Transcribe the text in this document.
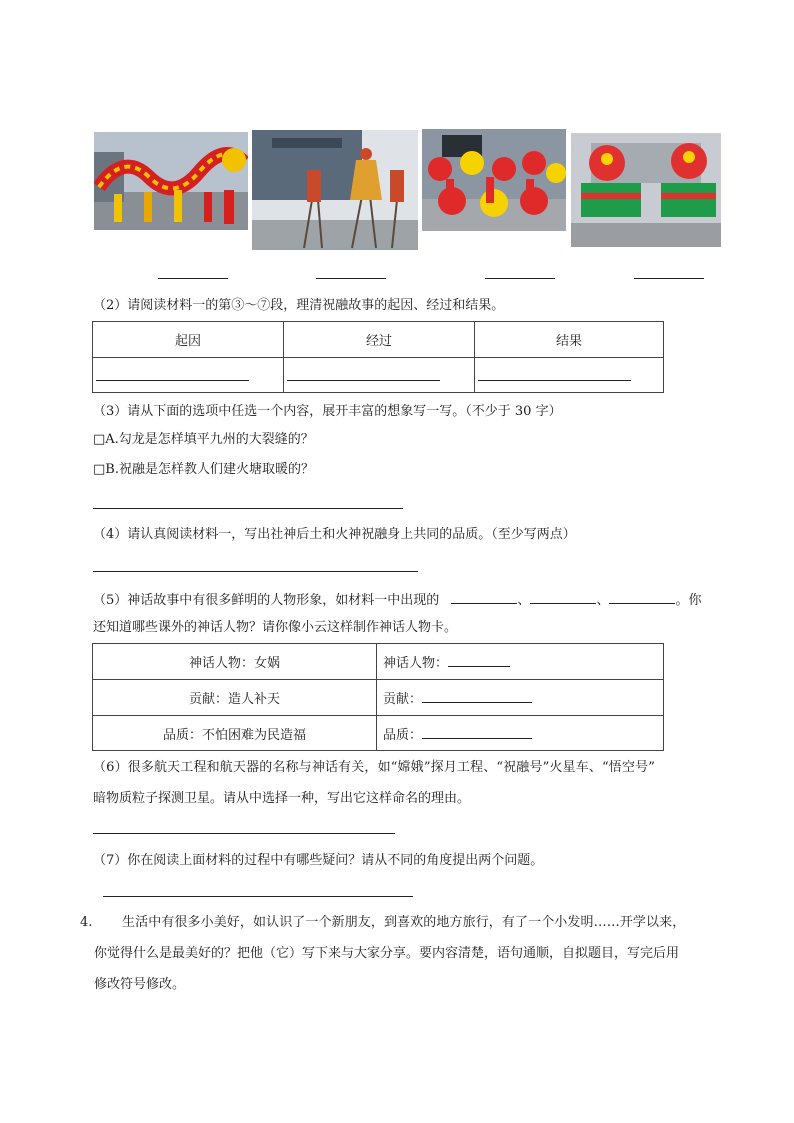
（2）请阅读材料一的第③～⑦段，理清祝融故事的起因、经过和结果。
起因	经过	结果

（3）请从下面的选项中任选一个内容，展开丰富的想象写一写。（不少于 30 字）
□A.勾龙是怎样填平九州的大裂缝的？
□B.祝融是怎样教人们建火塘取暖的？
（4）请认真阅读材料一，写出社神后土和火神祝融身上共同的品质。（至少写两点）
（5）神话故事中有很多鲜明的人物形象，如材料一中出现的	、	、	。你
还知道哪些课外的神话人物？请你像小云这样制作神话人物卡。
神话人物：女娲	神话人物：
贡献：造人补天	贡献：
品质：不怕困难为民造福	品质：
（6）很多航天工程和航天器的名称与神话有关，如“嫦娥”探月工程、“祝融号”火星车、“悟空号”
暗物质粒子探测卫星。请从中选择一种，写出它这样命名的理由。
（7）你在阅读上面材料的过程中有哪些疑问？请从不同的角度提出两个问题。
4. 生活中有很多小美好，如认识了一个新朋友，到喜欢的地方旅行，有了一个小发明……开学以来，
你觉得什么是最美好的？把他（它）写下来与大家分享。要内容清楚，语句通顺，自拟题目，写完后用
修改符号修改。
